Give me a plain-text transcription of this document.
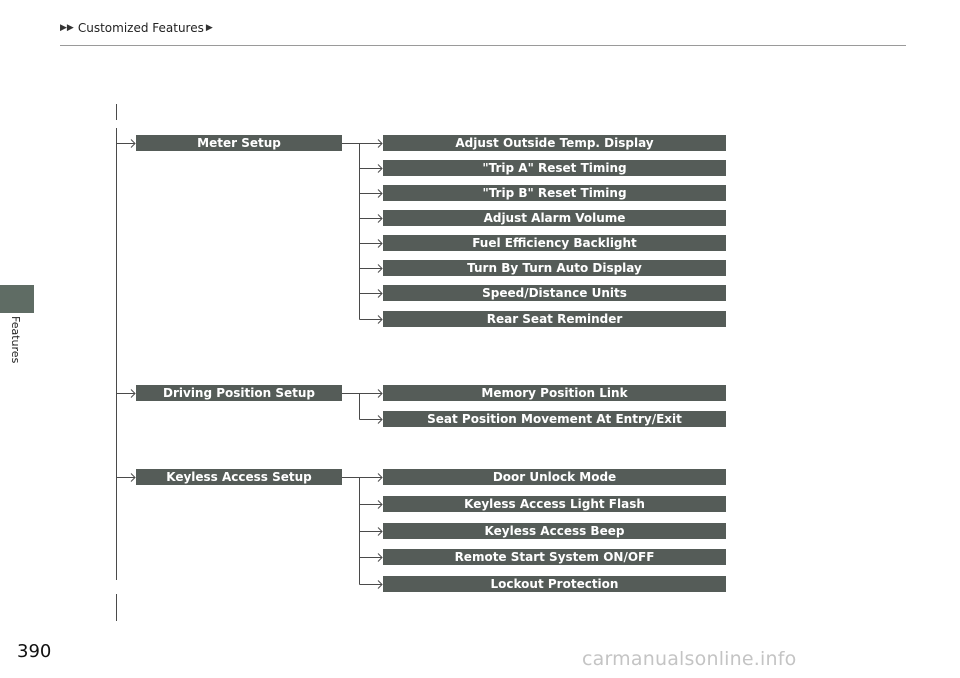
▶▶ Customized Features ▶
Features
390
Meter Setup	Adjust Outside Temp. Display
"Trip A" Reset Timing
"Trip B" Reset Timing
Adjust Alarm Volume
Fuel Efficiency Backlight
Turn By Turn Auto Display
Speed/Distance Units
Rear Seat Reminder
Driving Position Setup	Memory Position Link
Seat Position Movement At Entry/Exit
Keyless Access Setup	Door Unlock Mode
Keyless Access Light Flash
Keyless Access Beep
Remote Start System ON/OFF
Lockout Protection
carmanualsonline.info
